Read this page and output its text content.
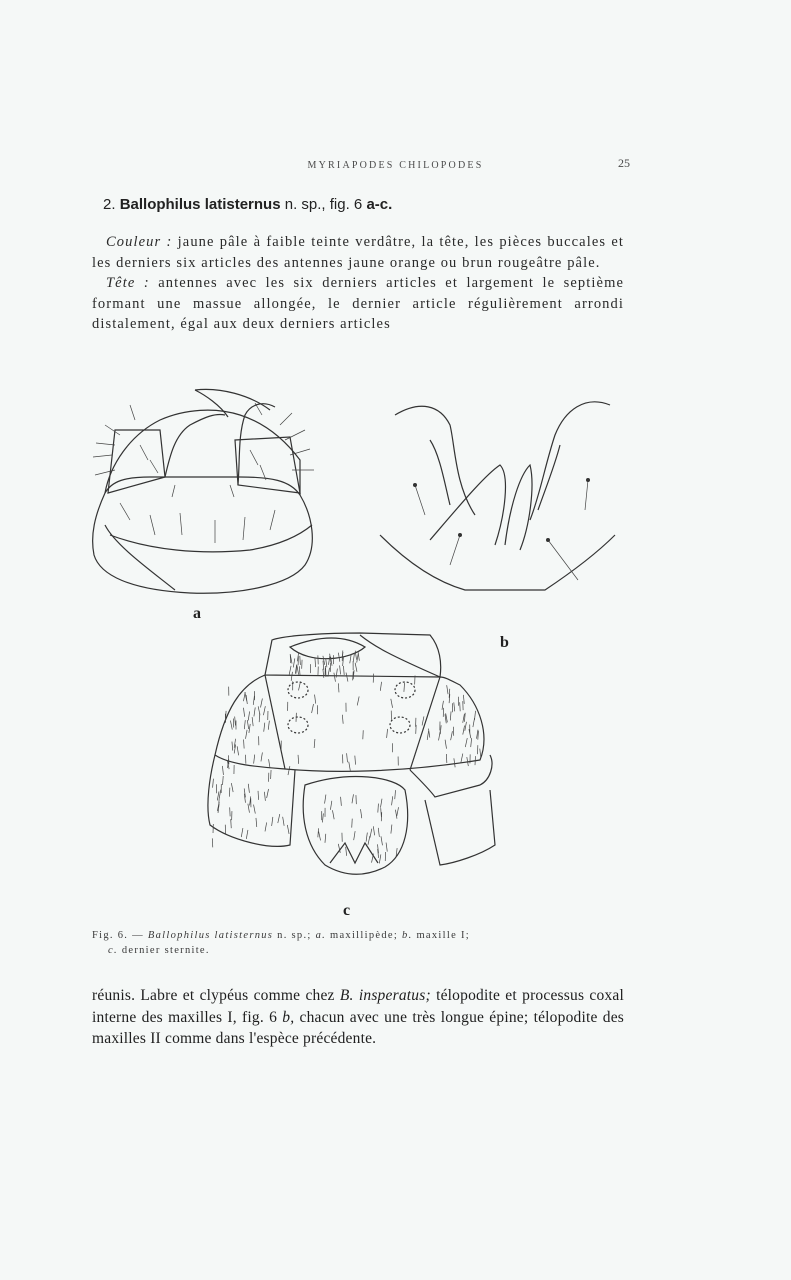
MYRIAPODES CHILOPODES	25
2. Ballophilus latisternus n. sp., fig. 6 a-c.

Couleur : jaune pâle à faible teinte verdâtre, la tête, les pièces buccales et les derniers six articles des antennes jaune orange ou brun rougeâtre pâle.

Tête : antennes avec les six derniers articles et largement le septième formant une massue allongée, le dernier article régulièrement arrondi distalement, égal aux deux derniers articles

a
b
c
Fig. 6. — Ballophilus latisternus n. sp.; a. maxillipède; b. maxille I;
c. dernier sternite.
réunis. Labre et clypéus comme chez B. insperatus; télopodite et processus coxal interne des maxilles I, fig. 6 b, chacun avec une très longue épine; télopodite des maxilles II comme dans l'espèce précédente.
